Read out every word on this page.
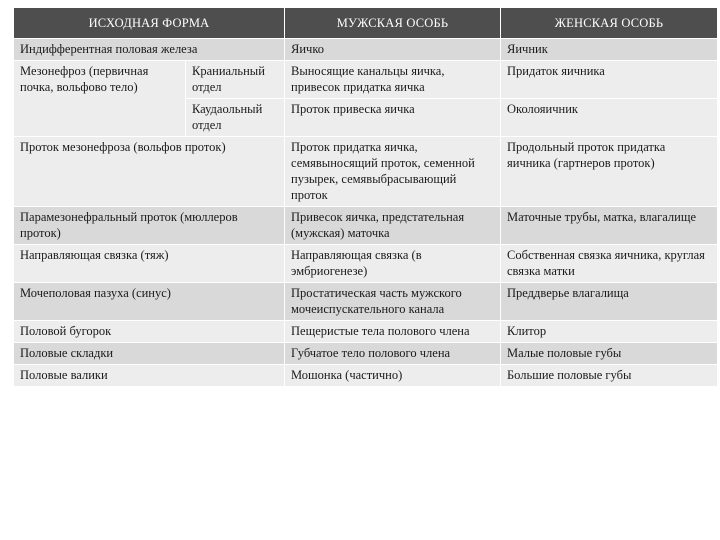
ИСХОДНАЯ ФОРМА		МУЖСКАЯ ОСОБЬ	ЖЕНСКАЯ ОСОБЬ
Индифферентная половая железа		Яичко	Яичник
Мезонефроз (первичная почка, вольфово тело)	Краниальный отдел	Выносящие канальцы яичка, привесок придатка яичка	Придаток яичника
	Каудаольный отдел	Проток привеска яичка	Околояичник
Проток мезонефроза (вольфов проток)		Проток придатка яичка, семявыносящий проток, семенной пузырек, семявыбрасывающий проток	Продольный проток придатка яичника (гартнеров проток)
Парамезонефральный проток (мюллеров проток)		Привесок яичка, предстательная (мужская) маточка	Маточные трубы, матка, влагалище
Направляющая связка (тяж)		Направляющая связка (в эмбриогенезе)	Собственная связка яичника, круглая связка матки
Мочеполовая пазуха (синус)		Простатическая часть мужского мочеиспускательного канала	Преддверье влагалища
Половой бугорок		Пещеристые тела полового члена	Клитор
Половые складки		Губчатое тело полового члена	Малые половые губы
Половые валики		Мошонка (частично)	Большие половые губы
